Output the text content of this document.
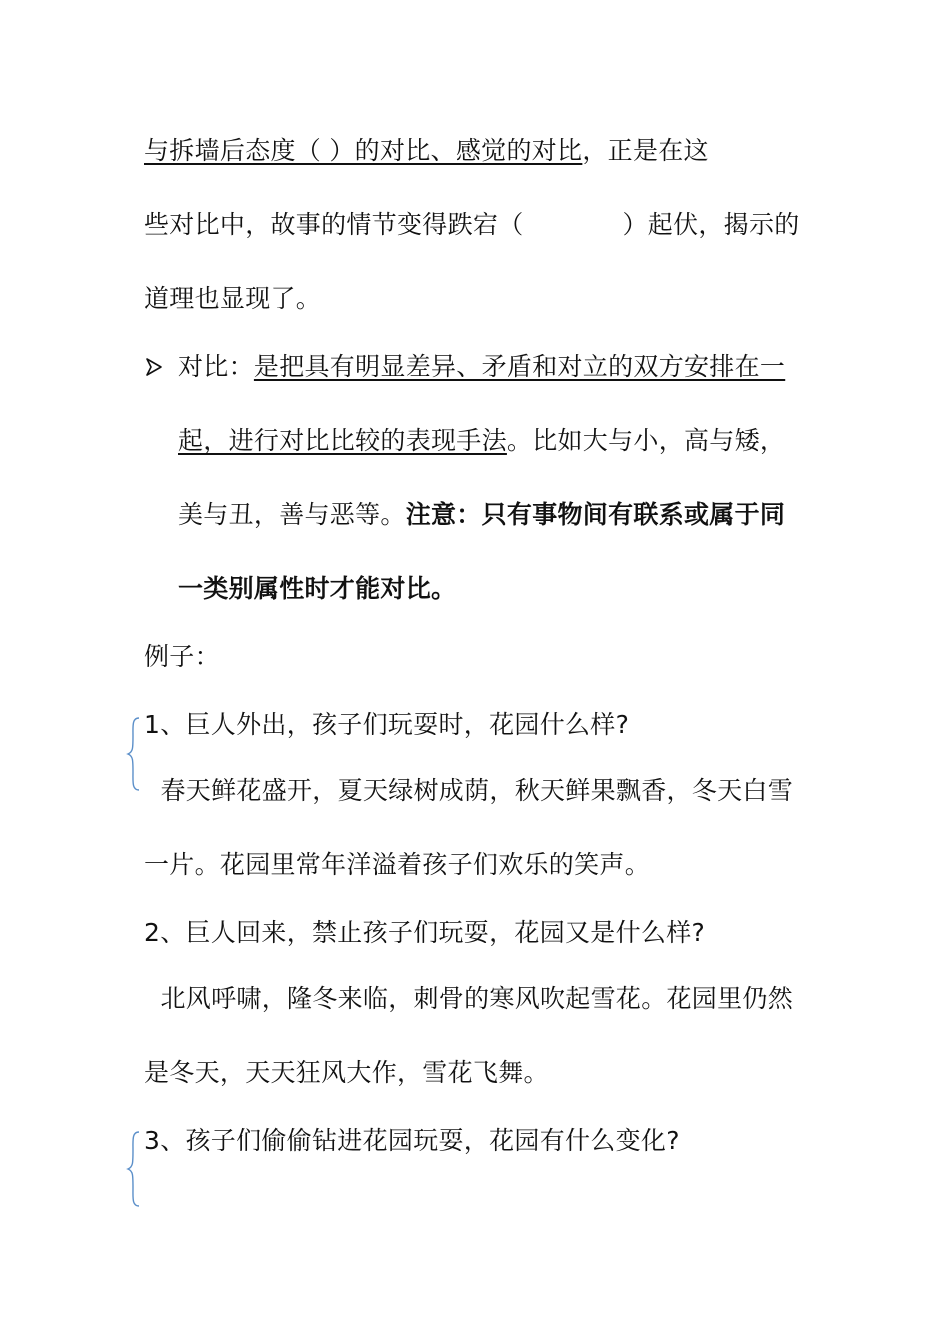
与拆墙后态度（ ）的对比、感觉的对比，正是在这
些对比中，故事的情节变得跌宕（            ）起伏，揭示的
道理也显现了。
对比：是把具有明显差异、矛盾和对立的双方安排在一
起，进行对比比较的表现手法。比如大与小，高与矮，
美与丑，善与恶等。注意：只有事物间有联系或属于同
一类别属性时才能对比。
例子：
1、巨人外出，孩子们玩耍时，花园什么样?
春天鲜花盛开，夏天绿树成荫，秋天鲜果飘香，冬天白雪
一片。花园里常年洋溢着孩子们欢乐的笑声。
2、巨人回来，禁止孩子们玩耍，花园又是什么样?
北风呼啸，隆冬来临，刺骨的寒风吹起雪花。花园里仍然
是冬天，天天狂风大作，雪花飞舞。
3、孩子们偷偷钻进花园玩耍，花园有什么变化?
